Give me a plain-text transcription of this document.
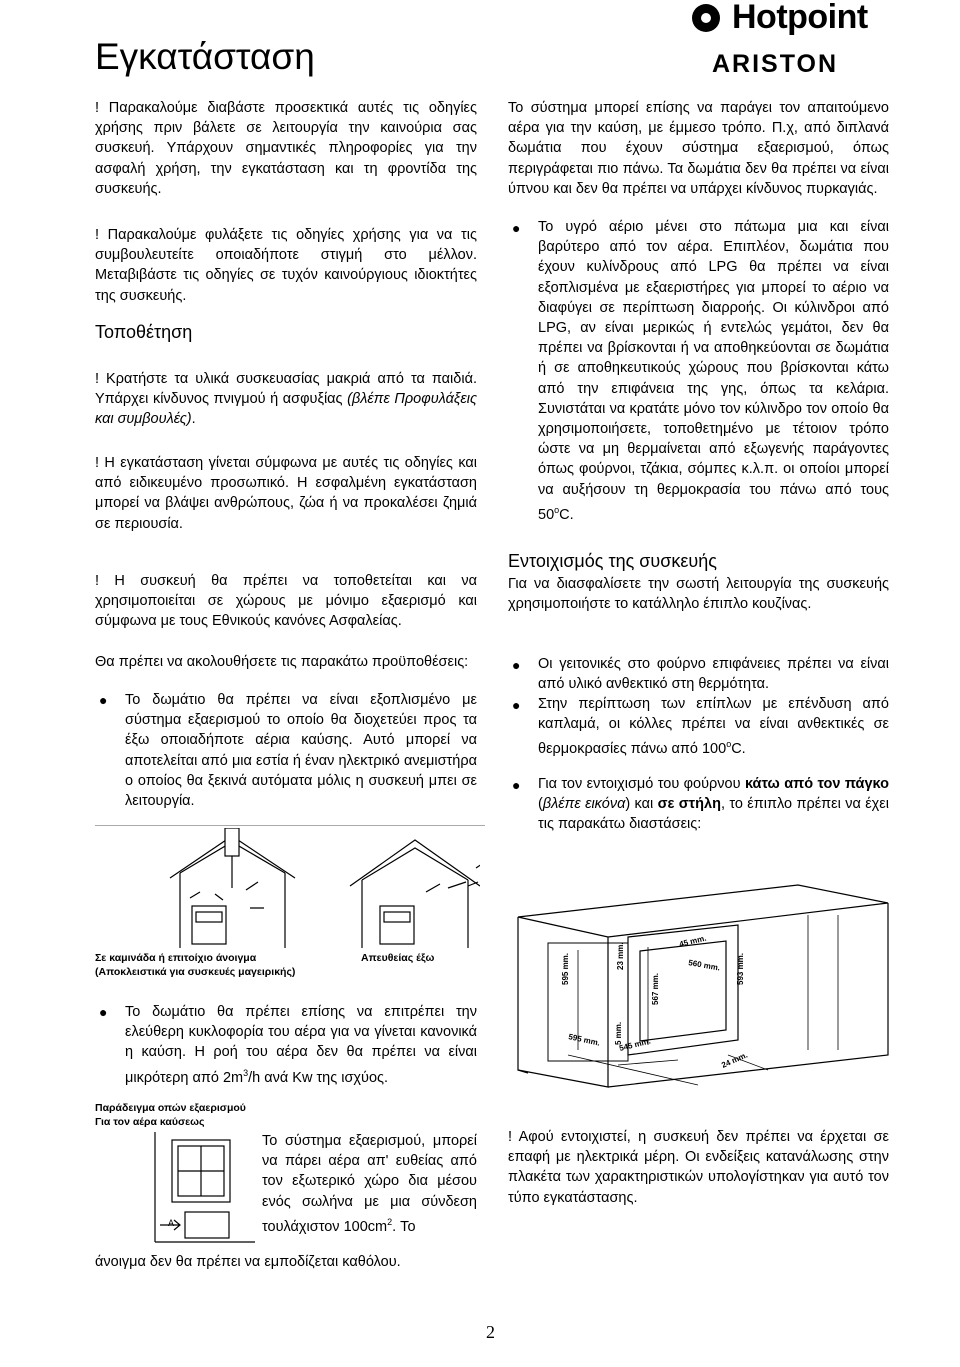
Εγκατάσταση
Hotpoint
ARISTON
! Παρακαλούμε διαβάστε προσεκτικά αυτές τις οδηγίες χρήσης πριν βάλετε σε λειτουργία την καινούρια σας συσκευή. Υπάρχουν σημαντικές πληροφορίες για την ασφαλή χρήση, την εγκατάσταση και τη φροντίδα της συσκευής.
! Παρακαλούμε φυλάξετε τις οδηγίες χρήσης για να τις συμβουλευτείτε οποιαδήποτε στιγμή στο μέλλον. Μεταβιβάστε τις οδηγίες σε τυχόν καινούργιους ιδιοκτήτες της συσκευής.
Τοποθέτηση
! Κρατήστε τα υλικά συσκευασίας μακριά από τα παιδιά. Υπάρχει κίνδυνος πνιγμού ή ασφυξίας (βλέπε Προφυλάξεις και συμβουλές).
! Η εγκατάσταση γίνεται σύμφωνα με αυτές τις οδηγίες και από ειδικευμένο προσωπικό. Η εσφαλμένη εγκατάσταση μπορεί να βλάψει ανθρώπους, ζώα ή να προκαλέσει ζημιά σε περιουσία.
! Η συσκευή θα πρέπει να τοποθετείται και να χρησιμοποιείται σε χώρους με μόνιμο εξαερισμό και σύμφωνα με τους Εθνικούς κανόνες Ασφαλείας.
Θα πρέπει να ακολουθήσετε τις παρακάτω προϋποθέσεις:
● Το δωμάτιο θα πρέπει να είναι εξοπλισμένο με σύστημα εξαερισμού το οποίο θα διοχετεύει προς τα έξω οποιαδήποτε αέρια καύσης. Αυτό μπορεί να αποτελείται από μια εστία ή έναν ηλεκτρικό ανεμιστήρα ο οποίος θα ξεκινά αυτόματα μόλις η συσκευή μπει σε λειτουργία.
Σε καμινάδα ή επιτοίχιο άνοιγμα
(Αποκλειστικά για συσκευές μαγειρικής)
Απευθείας έξω
● Το δωμάτιο θα πρέπει επίσης να επιτρέπει την ελεύθερη κυκλοφορία του αέρα για να γίνεται κανονικά η καύση. Η ροή του αέρα δεν θα πρέπει να είναι μικρότερη από $2m^3/h$ ανά Kw της ισχύος.
Παράδειγμα οπών εξαερισμού
Για τον αέρα καύσεως
A
Το σύστημα εξαερισμού, μπορεί να πάρει αέρα απ' ευθείας από τον εξωτερικό χώρο δια μέσου ενός σωλήνα με μια σύνδεση τουλάχιστον $100cm^2$. Το
άνοιγμα δεν θα πρέπει να εμποδίζεται καθόλου.
Το σύστημα μπορεί επίσης να παράγει τον απαιτούμενο αέρα για την καύση, με έμμεσο τρόπο. Π.χ, από διπλανά δωμάτια που έχουν σύστημα εξαερισμού, όπως περιγράφεται πιο πάνω. Τα δωμάτια δεν θα πρέπει να είναι ύπνου και δεν θα πρέπει να υπάρχει κίνδυνος πυρκαγιάς.
● Το υγρό αέριο μένει στο πάτωμα μια και είναι βαρύτερο από τον αέρα. Επιπλέον, δωμάτια που έχουν κυλίνδρους από LPG θα πρέπει να είναι εξοπλισμένα με εξαεριστήρες για μπορεί το αέριο να διαφύγει σε περίπτωση διαρροής. Οι κύλινδροι από LPG, αν είναι μερικώς ή εντελώς γεμάτοι, δεν θα πρέπει να βρίσκονται ή να αποθηκεύονται σε δωμάτια ή σε αποθηκευτικούς χώρους που βρίσκονται κάτω από την επιφάνεια της γης, όπως τα κελάρια. Συνιστάται να κρατάτε μόνο τον κύλινδρο τον οποίο θα χρησιμοποιήσετε, τοποθετημένο με τέτοιον τρόπο ώστε να μη θερμαίνεται από εξωγενής παράγοντες όπως φούρνοι, τζάκια, σόμπες κ.λ.π. οι οποίοι μπορεί να αυξήσουν τη θερμοκρασία του πάνω από τους 50$^o$C.
Εντοιχισμός της συσκευής
Για να διασφαλίσετε την σωστή λειτουργία της συσκευής χρησιμοποιήστε το κατάλληλο έπιπλο κουζίνας.
● Οι γειτονικές στο φούρνο επιφάνειες πρέπει να είναι από υλικό ανθεκτικό στη θερμότητα.
● Στην περίπτωση των επίπλων με επένδυση από καπλαμά, οι κόλλες πρέπει να είναι ανθεκτικές σε θερμοκρασίες πάνω από 100$^o$C.
● Για τον εντοιχισμό του φούρνου κάτω από τον πάγκο (βλέπε εικόνα) και σε στήλη, το έπιπλο πρέπει να έχει τις παρακάτω διαστάσεις:
595 mm.	23 mm.
567 mm.
5 mm.
45 mm.
560 mm. 593 mm.
595 mm. 545 mm.
24 mm.
! Αφού εντοιχιστεί, η συσκευή δεν πρέπει να έρχεται σε επαφή με ηλεκτρικά μέρη. Οι ενδείξεις κατανάλωσης στην πλακέτα των χαρακτηριστικών υπολογίστηκαν για αυτό τον τύπο εγκατάστασης.
2
